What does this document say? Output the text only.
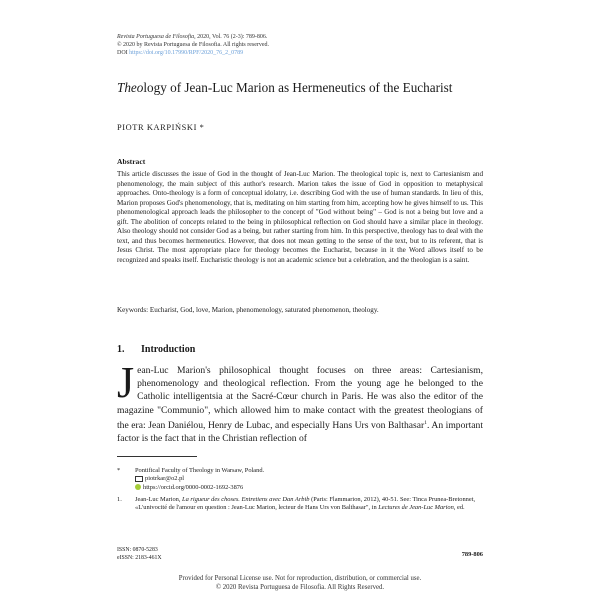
Revista Portuguesa de Filosofia, 2020, Vol. 76 (2-3): 789-806.
© 2020 by Revista Portuguesa de Filosofia. All rights reserved.
DOI https://doi.org/10.17990/RPF/2020_76_2_0789
Theology of Jean-Luc Marion as Hermeneutics of the Eucharist
PIOTR KARPIŃSKI *
Abstract

This article discusses the issue of God in the thought of Jean-Luc Marion. The theological topic is, next to Cartesianism and phenomenology, the main subject of this author's research. Marion takes the issue of God in opposition to metaphysical approaches. Onto-theology is a form of conceptual idolatry, i.e. describing God with the use of human standards. In lieu of this, Marion proposes God's phenomenology, that is, meditating on him starting from him, accepting how he gives himself to us. This phenomenological approach leads the philosopher to the concept of "God without being" – God is not a being but love and a gift. The abolition of concepts related to the being in philosophical reflection on God should have a similar place in theology. Also theology should not consider God as a being, but rather starting from him. In this perspective, theology has to deal with the text, and thus becomes hermeneutics. However, that does not mean getting to the sense of the text, but to its referent, that is Jesus Christ. The most appropriate place for theology becomes the Eucharist, because in it the Word allows itself to be recognized and speaks itself. Eucharistic theology is not an academic science but a celebration, and the theologian is a saint.

Keywords: Eucharist, God, love, Marion, phenomenology, saturated phenomenon, theology.
1. Introduction

Jean-Luc Marion's philosophical thought focuses on three areas: Cartesianism, phenomenology and theological reflection. From the young age he belonged to the Catholic intelligentsia at the Sacré-Cœur church in Paris. He was also the editor of the magazine "Communio", which allowed him to make contact with the greatest theologians of the era: Jean Daniélou, Henry de Lubac, and especially Hans Urs von Balthasar$^1$. An important factor is the fact that in the Christian reflection of

* Pontifical Faculty of Theology in Warsaw, Poland.
piotrkar@o2.pl
https://orcid.org/0000-0002-1692-3876
1. Jean-Luc Marion, La rigueur des choses. Entretiens avec Dan Arbib (Paris: Flammarion, 2012), 40-51. See: Tinca Prunea-Bretonnet, «L'univocité de l'amour en question : Jean-Luc Marion, lecteur de Hans Urs von Balthasar", in Lectures de Jean-Luc Marion, ed.
ISSN: 0870-5283
eISSN: 2183-461X	789-806
Provided for Personal License use. Not for reproduction, distribution, or commercial use.
© 2020 Revista Portuguesa de Filosofia. All Rights Reserved.
